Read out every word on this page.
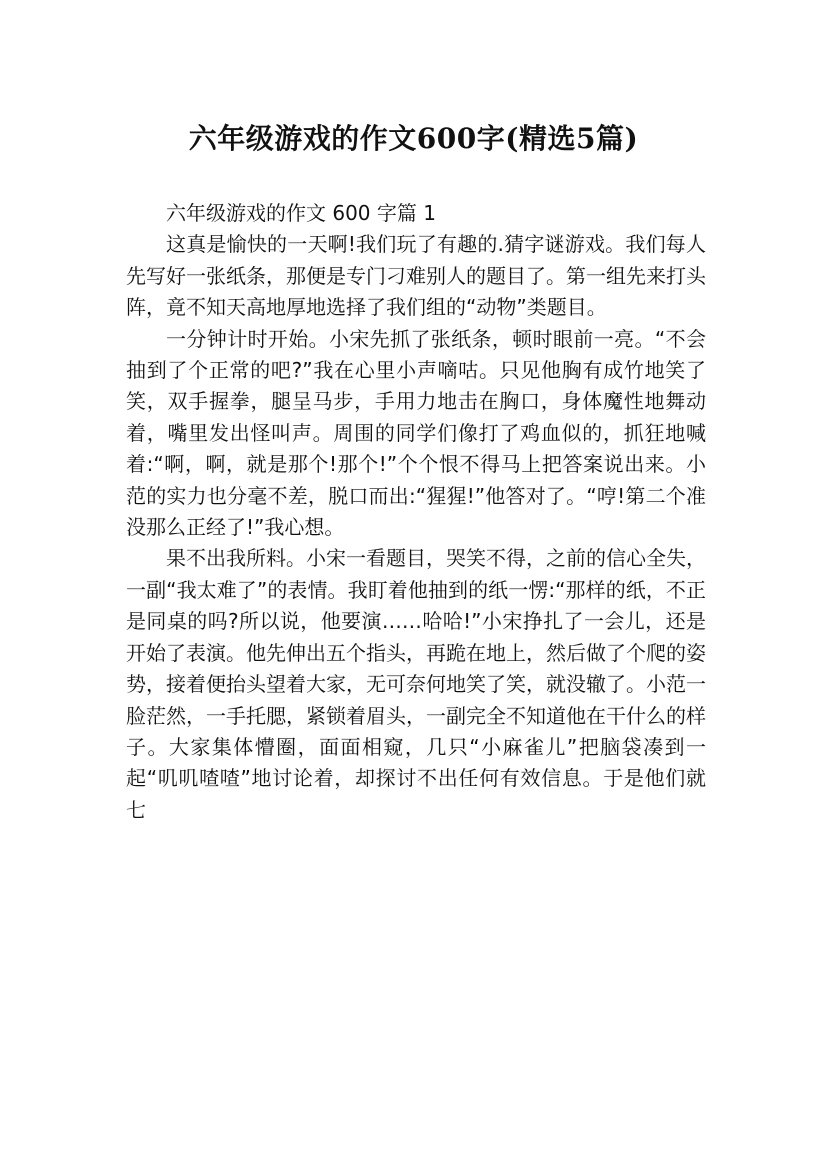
六年级游戏的作文600字(精选5篇)
六年级游戏的作文 600 字篇 1

这真是愉快的一天啊!我们玩了有趣的.猜字谜游戏。我们每人先写好一张纸条，那便是专门刁难别人的题目了。第一组先来打头阵，竟不知天高地厚地选择了我们组的“动物”类题目。

一分钟计时开始。小宋先抓了张纸条，顿时眼前一亮。“不会抽到了个正常的吧?”我在心里小声嘀咕。只见他胸有成竹地笑了笑，双手握拳，腿呈马步，手用力地击在胸口，身体魔性地舞动着，嘴里发出怪叫声。周围的同学们像打了鸡血似的，抓狂地喊着:“啊，啊，就是那个!那个!”个个恨不得马上把答案说出来。小范的实力也分毫不差，脱口而出:“猩猩!”他答对了。“哼!第二个准没那么正经了!”我心想。

果不出我所料。小宋一看题目，哭笑不得，之前的信心全失，一副“我太难了”的表情。我盯着他抽到的纸一愣:“那样的纸，不正是同桌的吗?所以说，他要演……哈哈!”小宋挣扎了一会儿，还是开始了表演。他先伸出五个指头，再跪在地上，然后做了个爬的姿势，接着便抬头望着大家，无可奈何地笑了笑，就没辙了。小范一脸茫然，一手托腮，紧锁着眉头，一副完全不知道他在干什么的样子。大家集体懵圈，面面相窥，几只“小麻雀儿”把脑袋凑到一起“叽叽喳喳”地讨论着，却探讨不出任何有效信息。于是他们就七
